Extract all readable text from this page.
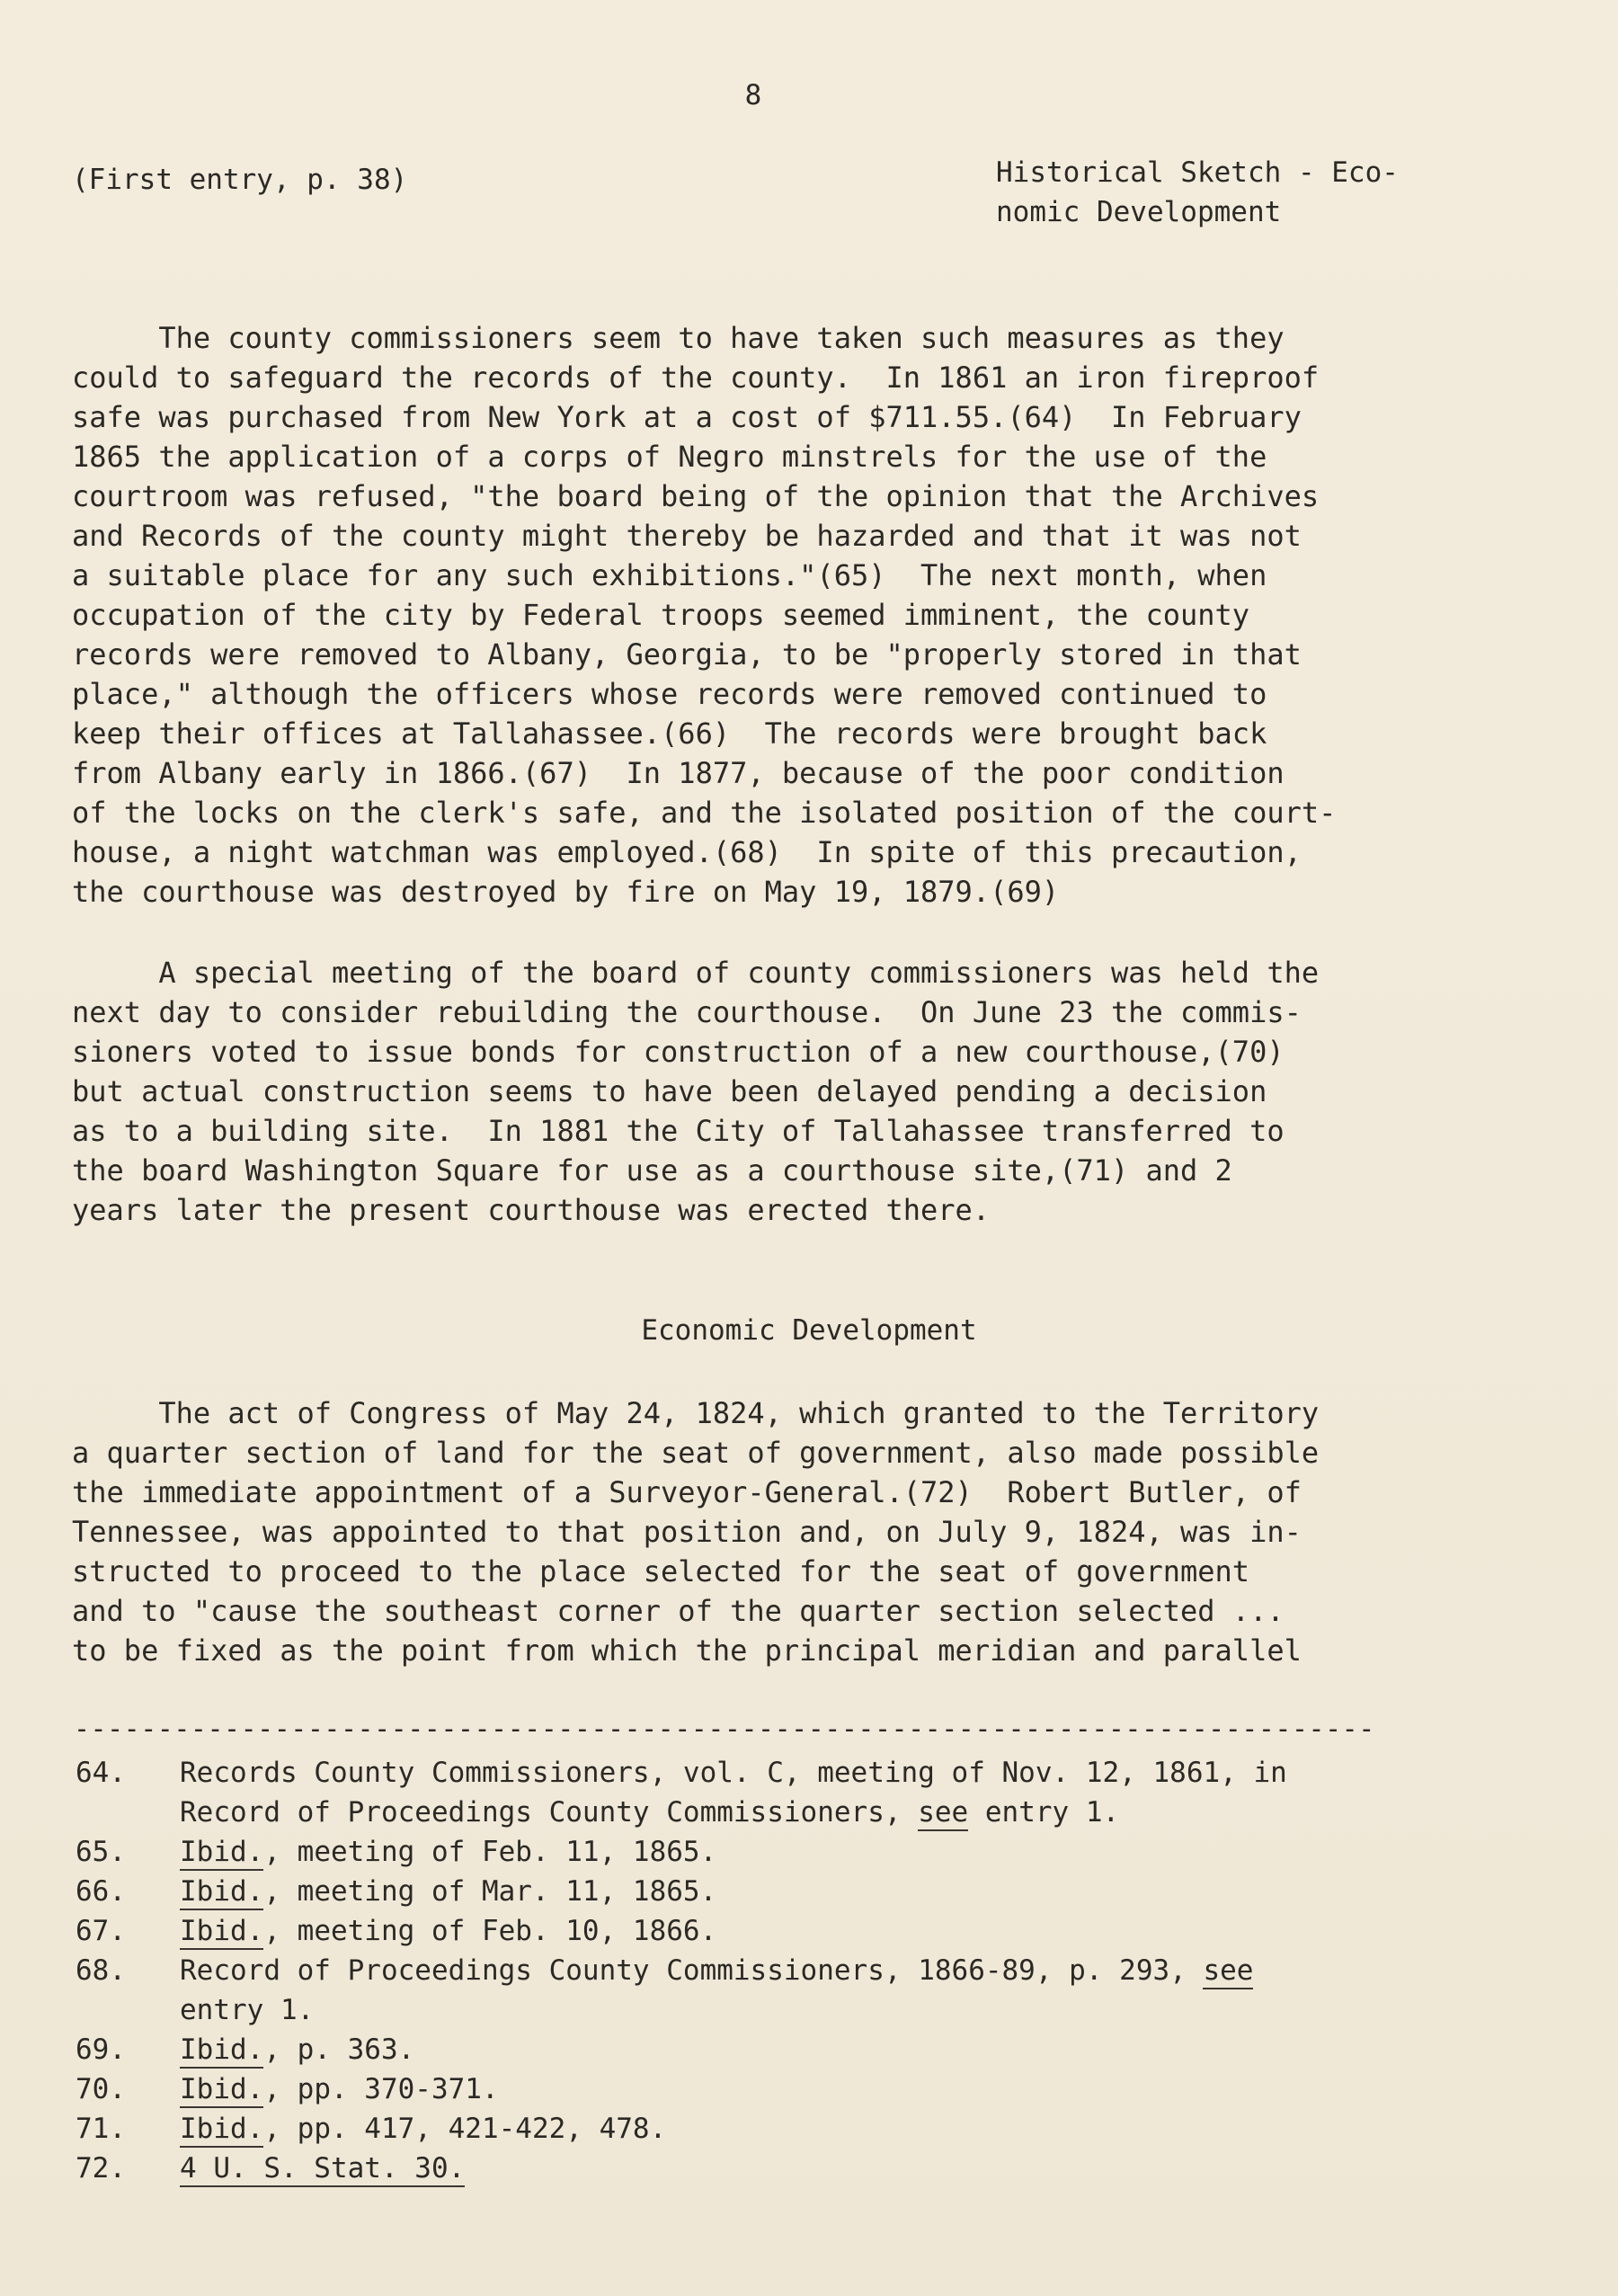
8
(First entry, p. 38)	Historical Sketch - Eco-
nomic Development
The county commissioners seem to have taken such measures as they
could to safeguard the records of the county.  In 1861 an iron fireproof
safe was purchased from New York at a cost of $711.55.(64)  In February
1865 the application of a corps of Negro minstrels for the use of the
courtroom was refused, "the board being of the opinion that the Archives
and Records of the county might thereby be hazarded and that it was not
a suitable place for any such exhibitions."(65)  The next month, when
occupation of the city by Federal troops seemed imminent, the county
records were removed to Albany, Georgia, to be "properly stored in that
place," although the officers whose records were removed continued to
keep their offices at Tallahassee.(66)  The records were brought back
from Albany early in 1866.(67)  In 1877, because of the poor condition
of the locks on the clerk's safe, and the isolated position of the court-
house, a night watchman was employed.(68)  In spite of this precaution,
the courthouse was destroyed by fire on May 19, 1879.(69)
A special meeting of the board of county commissioners was held the
next day to consider rebuilding the courthouse.  On June 23 the commis-
sioners voted to issue bonds for construction of a new courthouse,(70)
but actual construction seems to have been delayed pending a decision
as to a building site.  In 1881 the City of Tallahassee transferred to
the board Washington Square for use as a courthouse site,(71) and 2
years later the present courthouse was erected there.
Economic Development
The act of Congress of May 24, 1824, which granted to the Territory
a quarter section of land for the seat of government, also made possible
the immediate appointment of a Surveyor-General.(72)  Robert Butler, of
Tennessee, was appointed to that position and, on July 9, 1824, was in-
structed to proceed to the place selected for the seat of government
and to "cause the southeast corner of the quarter section selected ...
to be fixed as the point from which the principal meridian and parallel
------------------------------------------------------------------------------
64. Records County Commissioners, vol. C, meeting of Nov. 12, 1861, in
Record of Proceedings County Commissioners, see entry 1.
65. Ibid., meeting of Feb. 11, 1865.
66. Ibid., meeting of Mar. 11, 1865.
67. Ibid., meeting of Feb. 10, 1866.
68. Record of Proceedings County Commissioners, 1866-89, p. 293, see
entry 1.
69. Ibid., p. 363.
70. Ibid., pp. 370-371.
71. Ibid., pp. 417, 421-422, 478.
72. 4 U. S. Stat. 30.
